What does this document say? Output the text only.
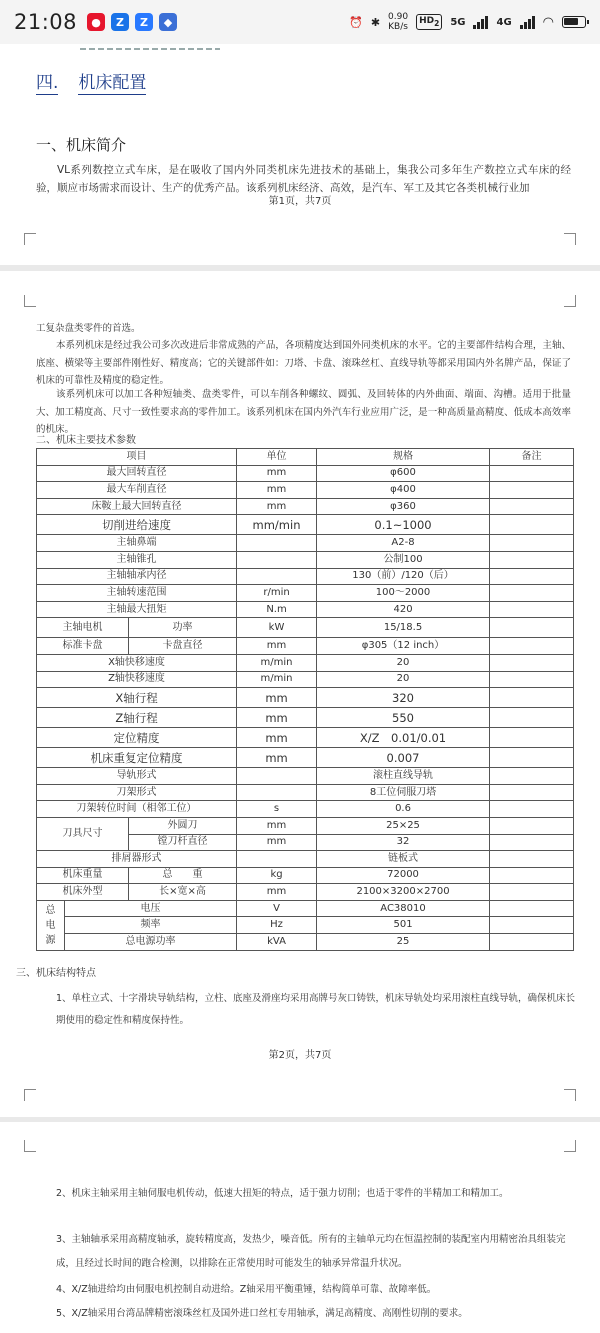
21:08	●	Z	Z	◆	⏰ ✱ 0.90
KB/s
$HD_2$	5G	4G ◠
四. 机床配置
一、机床简介
VL系列数控立式车床，是在吸收了国内外同类机床先进技术的基础上，集我公司多年生产数控立式车床的经验，顺应市场需求而设计、生产的优秀产品。该系列机床经济、高效，是汽车、军工及其它各类机械行业加
第1页，共7页
工复杂盘类零件的首选。
本系列机床是经过我公司多次改进后非常成熟的产品，各项精度达到国外同类机床的水平。它的主要部件结构合理，主轴、底座、横梁等主要部件刚性好、精度高；它的关键部件如：刀塔、卡盘、滚珠丝杠、直线导轨等都采用国内外名牌产品，保证了机床的可靠性及精度的稳定性。
该系列机床可以加工各种短轴类、盘类零件，可以车削各种螺纹、圆弧、及回转体的内外曲面、端面、沟槽。适用于批量大、加工精度高、尺寸一致性要求高的零件加工。该系列机床在国内外汽车行业应用广泛，是一种高质量高精度、低成本高效率的机床。
二、机床主要技术参数
项目			单位	规格	备注
最大回转直径			mm	φ600	
最大车削直径			mm	φ400	
床鞍上最大回转直径			mm	φ360	
切削进给速度			mm/min	0.1~1000	
主轴鼻端				A2-8	
主轴锥孔				公制100	
主轴轴承内径				130（前）/120（后）	
主轴转速范围			r/min	100～2000	
主轴最大扭矩			N.m	420	
主轴电机		功率	kW	15/18.5	
标准卡盘		卡盘直径	mm	φ305（12 inch）	
X轴快移速度			m/min	20	
Z轴快移速度			m/min	20	
X轴行程			mm	320	
Z轴行程			mm	550	
定位精度			mm	X/Z　0.01/0.01	
机床重复定位精度			mm	0.007	
导轨形式				滚柱直线导轨	
刀架形式				8工位伺服刀塔	
刀架转位时间（相邻工位）			s	0.6	
刀具尺寸		外圆刀	mm	25×25	
		镗刀杆直径	mm	32	
排屑器形式				链板式	
机床重量		总　　重	kg	72000	
机床外型		长×宽×高	mm	2100×3200×2700	
总
电
源	电压		V	AC38010	
	频率		Hz	501	
	总电源功率		kVA	25	
三、机床结构特点
1、单柱立式、十字滑块导轨结构，立柱、底座及滑座均采用高牌号灰口铸铁，机床导轨处均采用滚柱直线导轨，确保机床长期使用的稳定性和精度保持性。
第2页，共7页
2、机床主轴采用主轴伺服电机传动，低速大扭矩的特点，适于强力切削；也适于零件的半精加工和精加工。
3、主轴轴承采用高精度轴承，旋转精度高，发热少，噪音低。所有的主轴单元均在恒温控制的装配室内用精密治具组装完成，且经过长时间的跑合检测，以排除在正常使用时可能发生的轴承异常温升状况。
4、X/Z轴进给均由伺服电机控制自动进给。Z轴采用平衡重锤，结构简单可靠、故障率低。
5、X/Z轴采用台湾品牌精密滚珠丝杠及国外进口丝杠专用轴承，满足高精度、高刚性切削的要求。
